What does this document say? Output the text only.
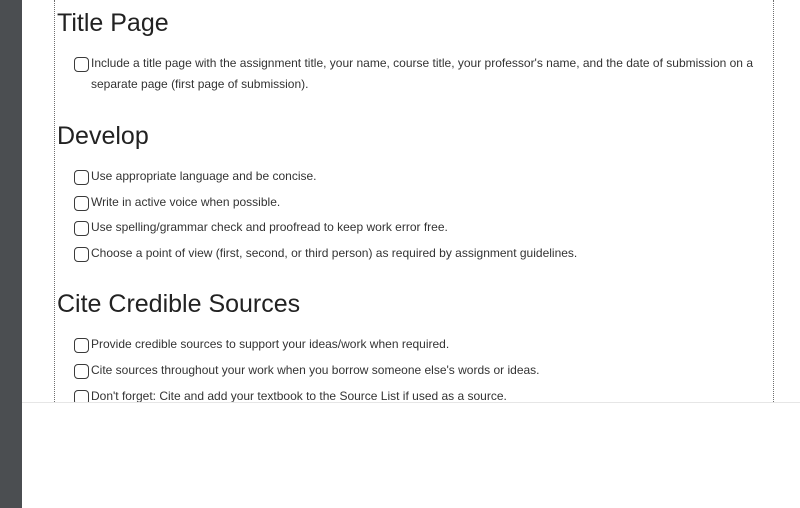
Title Page
Include a title page with the assignment title, your name, course title, your professor's name, and the date of submission on a separate page (first page of submission).
Develop
Use appropriate language and be concise.
Write in active voice when possible.
Use spelling/grammar check and proofread to keep work error free.
Choose a point of view (first, second, or third person) as required by assignment guidelines.
Cite Credible Sources
Provide credible sources to support your ideas/work when required.
Cite sources throughout your work when you borrow someone else's words or ideas.
Don't forget: Cite and add your textbook to the Source List if used as a source.
